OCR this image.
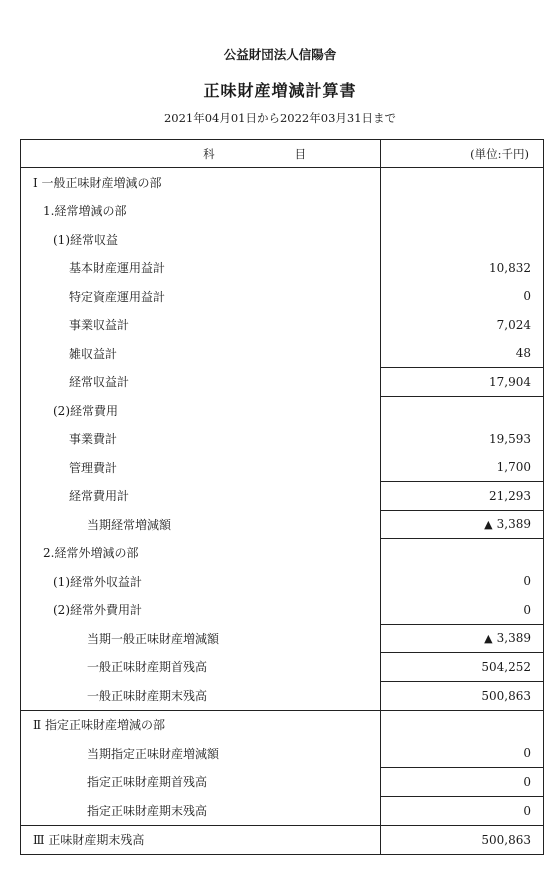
公益財団法人信陽舎
正味財産増減計算書
2021年04月01日から2022年03月31日まで
科 目	(単位:千円)
Ⅰ 一般正味財産増減の部	
1.経常増減の部	
(1)経常収益	
基本財産運用益計	10,832
特定資産運用益計	0
事業収益計	7,024
雑収益計	48
経常収益計	17,904
(2)経常費用	
事業費計	19,593
管理費計	1,700
経常費用計	21,293
当期経常増減額	▲ 3,389
2.経常外増減の部	
(1)経常外収益計	0
(2)経常外費用計	0
当期一般正味財産増減額	▲ 3,389
一般正味財産期首残高	504,252
一般正味財産期末残高	500,863
Ⅱ 指定正味財産増減の部	
当期指定正味財産増減額	0
指定正味財産期首残高	0
指定正味財産期末残高	0
Ⅲ 正味財産期末残高	500,863
